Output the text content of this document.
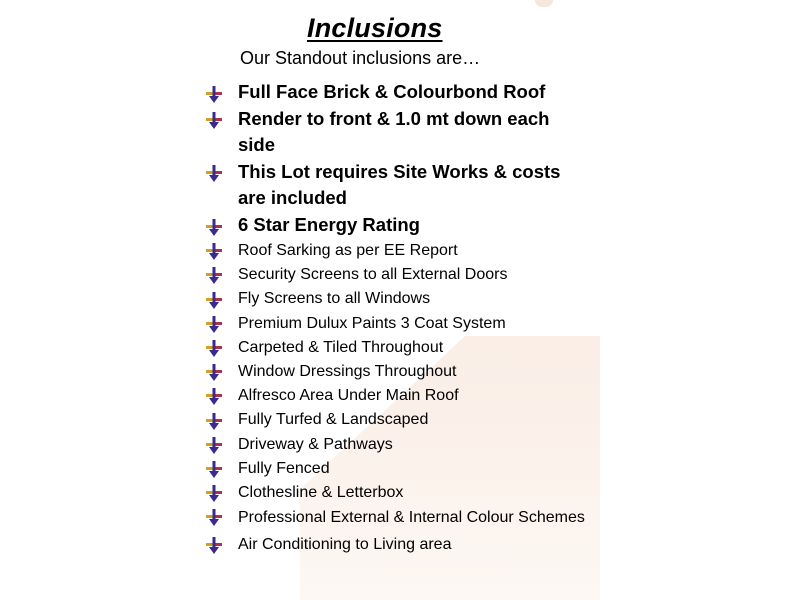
Inclusions

Our Standout inclusions are…

Full Face Brick & Colourbond Roof
Render to front & 1.0 mt down each side
This Lot requires Site Works & costs are included
6 Star Energy Rating
Roof Sarking as per EE Report
Security Screens to all External Doors
Fly Screens to all Windows
Premium Dulux Paints 3 Coat System
Carpeted & Tiled Throughout
Window Dressings Throughout
Alfresco Area Under Main Roof
Fully Turfed & Landscaped
Driveway & Pathways
Fully Fenced
Clothesline & Letterbox
Professional External & Internal Colour Schemes
Air Conditioning to Living area
